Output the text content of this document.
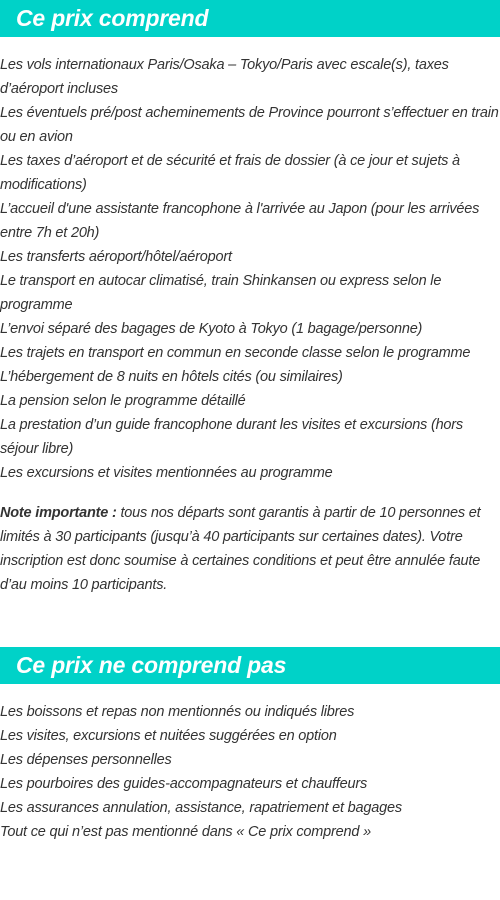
Ce prix comprend
Les vols internationaux Paris/Osaka – Tokyo/Paris avec escale(s), taxes d’aéroport incluses
Les éventuels pré/post acheminements de Province pourront s’effectuer en train ou en avion
Les taxes d’aéroport et de sécurité et frais de dossier (à ce jour et sujets à modifications)
L’accueil d'une assistante francophone à l'arrivée au Japon (pour les arrivées entre 7h et 20h)
Les transferts aéroport/hôtel/aéroport
Le transport en autocar climatisé, train Shinkansen ou express selon le programme
L’envoi séparé des bagages de Kyoto à Tokyo (1 bagage/personne)
Les trajets en transport en commun en seconde classe selon le programme
L’hébergement de 8 nuits en hôtels cités (ou similaires)
La pension selon le programme détaillé
La prestation d’un guide francophone durant les visites et excursions (hors séjour libre)
Les excursions et visites mentionnées au programme

Note importante : tous nos départs sont garantis à partir de 10 personnes et limités à 30 participants (jusqu’à 40 participants sur certaines dates). Votre inscription est donc soumise à certaines conditions et peut être annulée faute d’au moins 10 participants.

Ce prix ne comprend pas
Les boissons et repas non mentionnés ou indiqués libres
Les visites, excursions et nuitées suggérées en option
Les dépenses personnelles
Les pourboires des guides-accompagnateurs et chauffeurs
Les assurances annulation, assistance, rapatriement et bagages
Tout ce qui n’est pas mentionné dans « Ce prix comprend »
